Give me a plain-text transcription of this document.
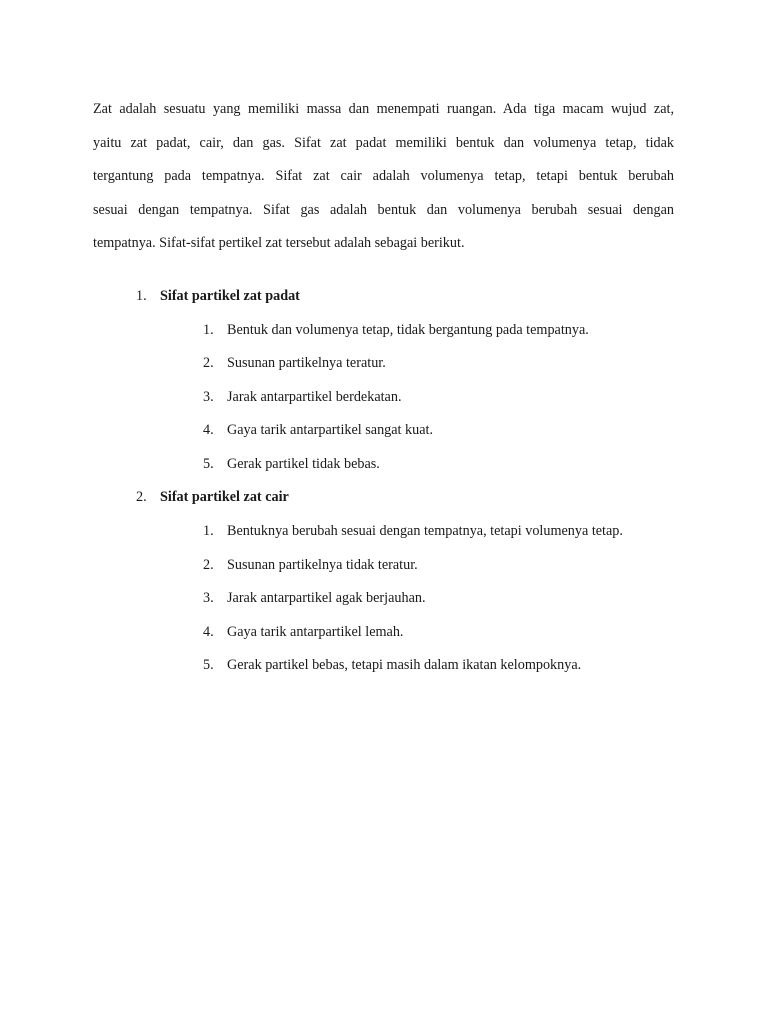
Zat adalah sesuatu yang memiliki massa dan menempati ruangan. Ada tiga macam wujud zat,
yaitu zat padat, cair, dan gas. Sifat zat padat memiliki bentuk dan volumenya tetap, tidak
tergantung pada tempatnya. Sifat zat cair adalah volumenya tetap, tetapi bentuk berubah
sesuai dengan tempatnya. Sifat gas adalah bentuk dan volumenya berubah sesuai dengan
tempatnya. Sifat-sifat pertikel zat tersebut adalah sebagai berikut.

1. Sifat partikel zat padat
1. Bentuk dan volumenya tetap, tidak bergantung pada tempatnya.
2. Susunan partikelnya teratur.
3. Jarak antarpartikel berdekatan.
4. Gaya tarik antarpartikel sangat kuat.
5. Gerak partikel tidak bebas.
2. Sifat partikel zat cair
1. Bentuknya berubah sesuai dengan tempatnya, tetapi volumenya tetap.
2. Susunan partikelnya tidak teratur.
3. Jarak antarpartikel agak berjauhan.
4. Gaya tarik antarpartikel lemah.
5. Gerak partikel bebas, tetapi masih dalam ikatan kelompoknya.
